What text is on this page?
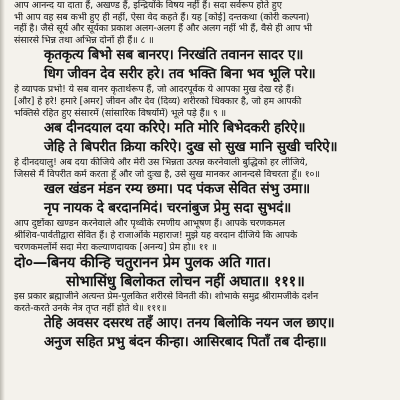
आप आनन्द या दाता हैं, अखण्ड हैं, इन्द्रियोंके विषय नहीं हैं। सदा सर्वरूप होते हुए
भी आप वह सब कभी हुए ही नहीं, ऐसा वेद कहते हैं। यह [कोई] दन्तकथा (कोरी कल्पना)
नहीं है। जैसे सूर्य और सूर्यका प्रकाश अलग-अलग हैं और अलग नहीं भी हैं, वैसे ही आप भी
संसारसे भिन्न तथा अभिन्न दोनों ही हैं॥ ८ ॥
कृतकृत्य बिभो सब बानरए। निरखंति तवानन सादर ए॥
धिग जीवन देव सरीर हरे। तव भक्ति बिना भव भूलि परे॥
हे व्यापक प्रभो! ये सब वानर कृतार्थरूप हैं, जो आदरपूर्वक ये आपका मुख देख रहे हैं।
[और] हे हरे! हमारे [अमर] जीवन और देव (दिव्य) शरीरको धिक्कार है, जो हम आपकी
भक्तिसे रहित हुए संसारमें (सांसारिक विषयोंमें) भूले पड़े हैं॥ ९ ॥
अब दीनदयाल दया करिऐ। मति मोरि बिभेदकरी हरिऐ॥
जेहि ते बिपरीत क्रिया करिऐ। दुख सो सुख मानि सुखी चरिऐ॥
हे दीनदयालु! अब दया कीजिये और मेरी उस भिन्नता उत्पन्न करनेवाली बुद्धिको हर लीजिये,
जिससे मैं विपरीत कर्म करता हूँ और जो दुःख है, उसे सुख मानकर आनन्दसे विचरता हूँ॥ १०॥
खल खंडन मंडन रम्य छमा। पद पंकज सेवित संभु उमा॥
नृप नायक दे बरदानमिदं। चरनांबुज प्रेमु सदा सुभदं॥
आप दुष्टोंका खण्डन करनेवाले और पृथ्वीके रमणीय आभूषण हैं। आपके चरणकमल
श्रीशिव-पार्वतीद्वारा सेवित हैं। हे राजाओंके महाराज! मुझे यह वरदान दीजिये कि आपके
चरणकमलोंमें सदा मेरा कल्याणदायक [अनन्य] प्रेम हो॥ ११ ॥
दो०—बिनय कीन्हि चतुरानन प्रेम पुलक अति गात।
सोभासिंधु बिलोकत लोचन नहीं अघात॥ १११॥
इस प्रकार ब्रह्माजीने अत्यन्त प्रेम-पुलकित शरीरसे विनती की। शोभाके समुद्र श्रीरामजीके दर्शन
करते-करते उनके नेत्र तृप्त नहीं होते थे॥ १११॥
तेहि अवसर दसरथ तहँ आए। तनय बिलोकि नयन जल छाए॥
अनुज सहित प्रभु बंदन कीन्हा। आसिरबाद पिताँ तब दीन्हा॥
